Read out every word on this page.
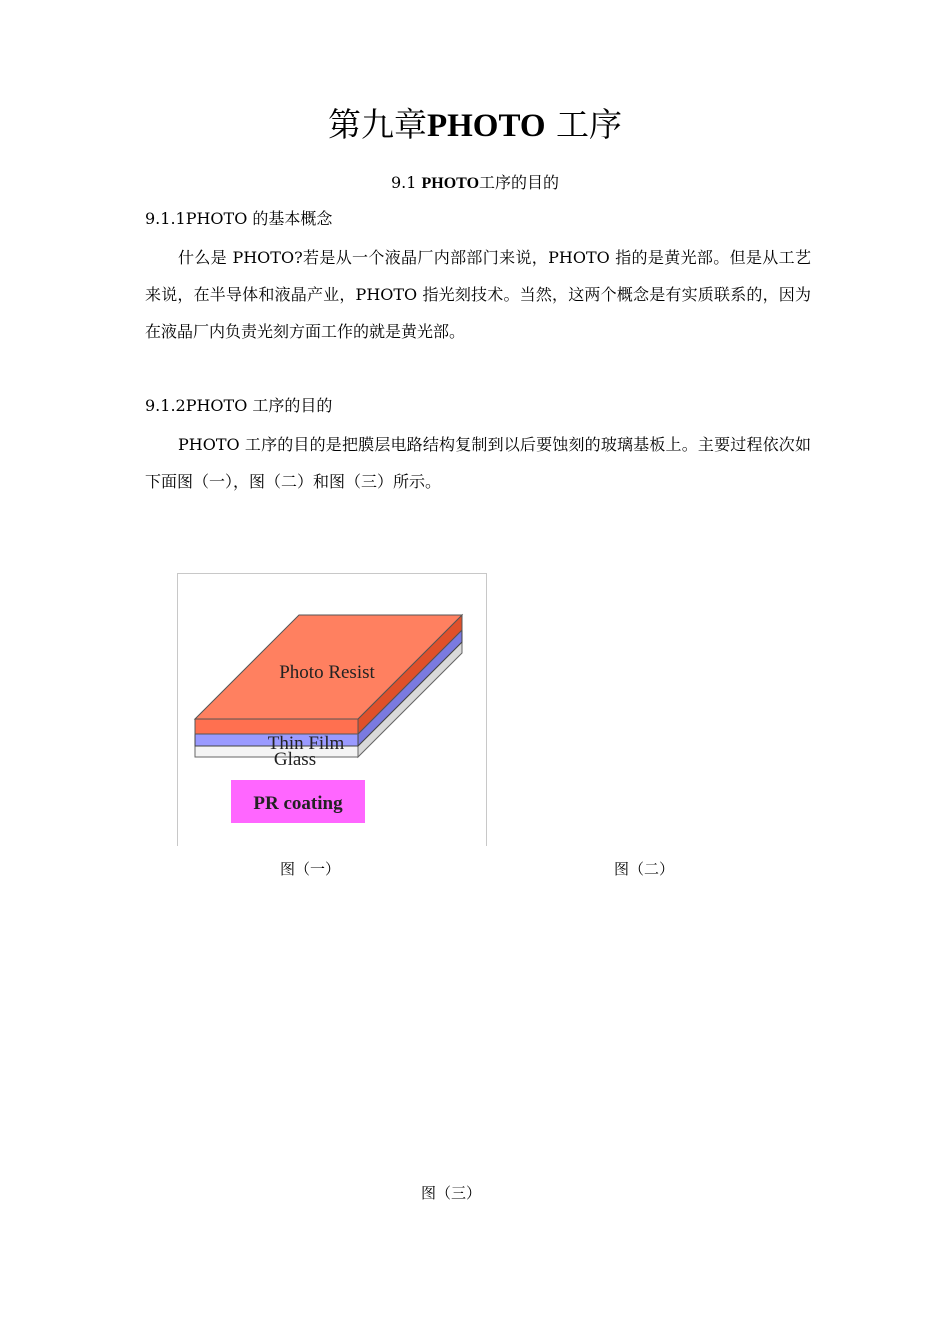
第九章PHOTO 工序
9.1 PHOTO工序的目的
9.1.1PHOTO 的基本概念

什么是 PHOTO?若是从一个液晶厂内部部门来说，PHOTO 指的是黄光部。但是从工艺来说，在半导体和液晶产业，PHOTO 指光刻技术。当然，这两个概念是有实质联系的，因为在液晶厂内负责光刻方面工作的就是黄光部。

9.1.2PHOTO 工序的目的

PHOTO 工序的目的是把膜层电路结构复制到以后要蚀刻的玻璃基板上。主要过程依次如下面图（一），图（二）和图（三）所示。

Photo Resist
Thin Film
Glass
PR coating
图（一）	图（二）
图（三）
